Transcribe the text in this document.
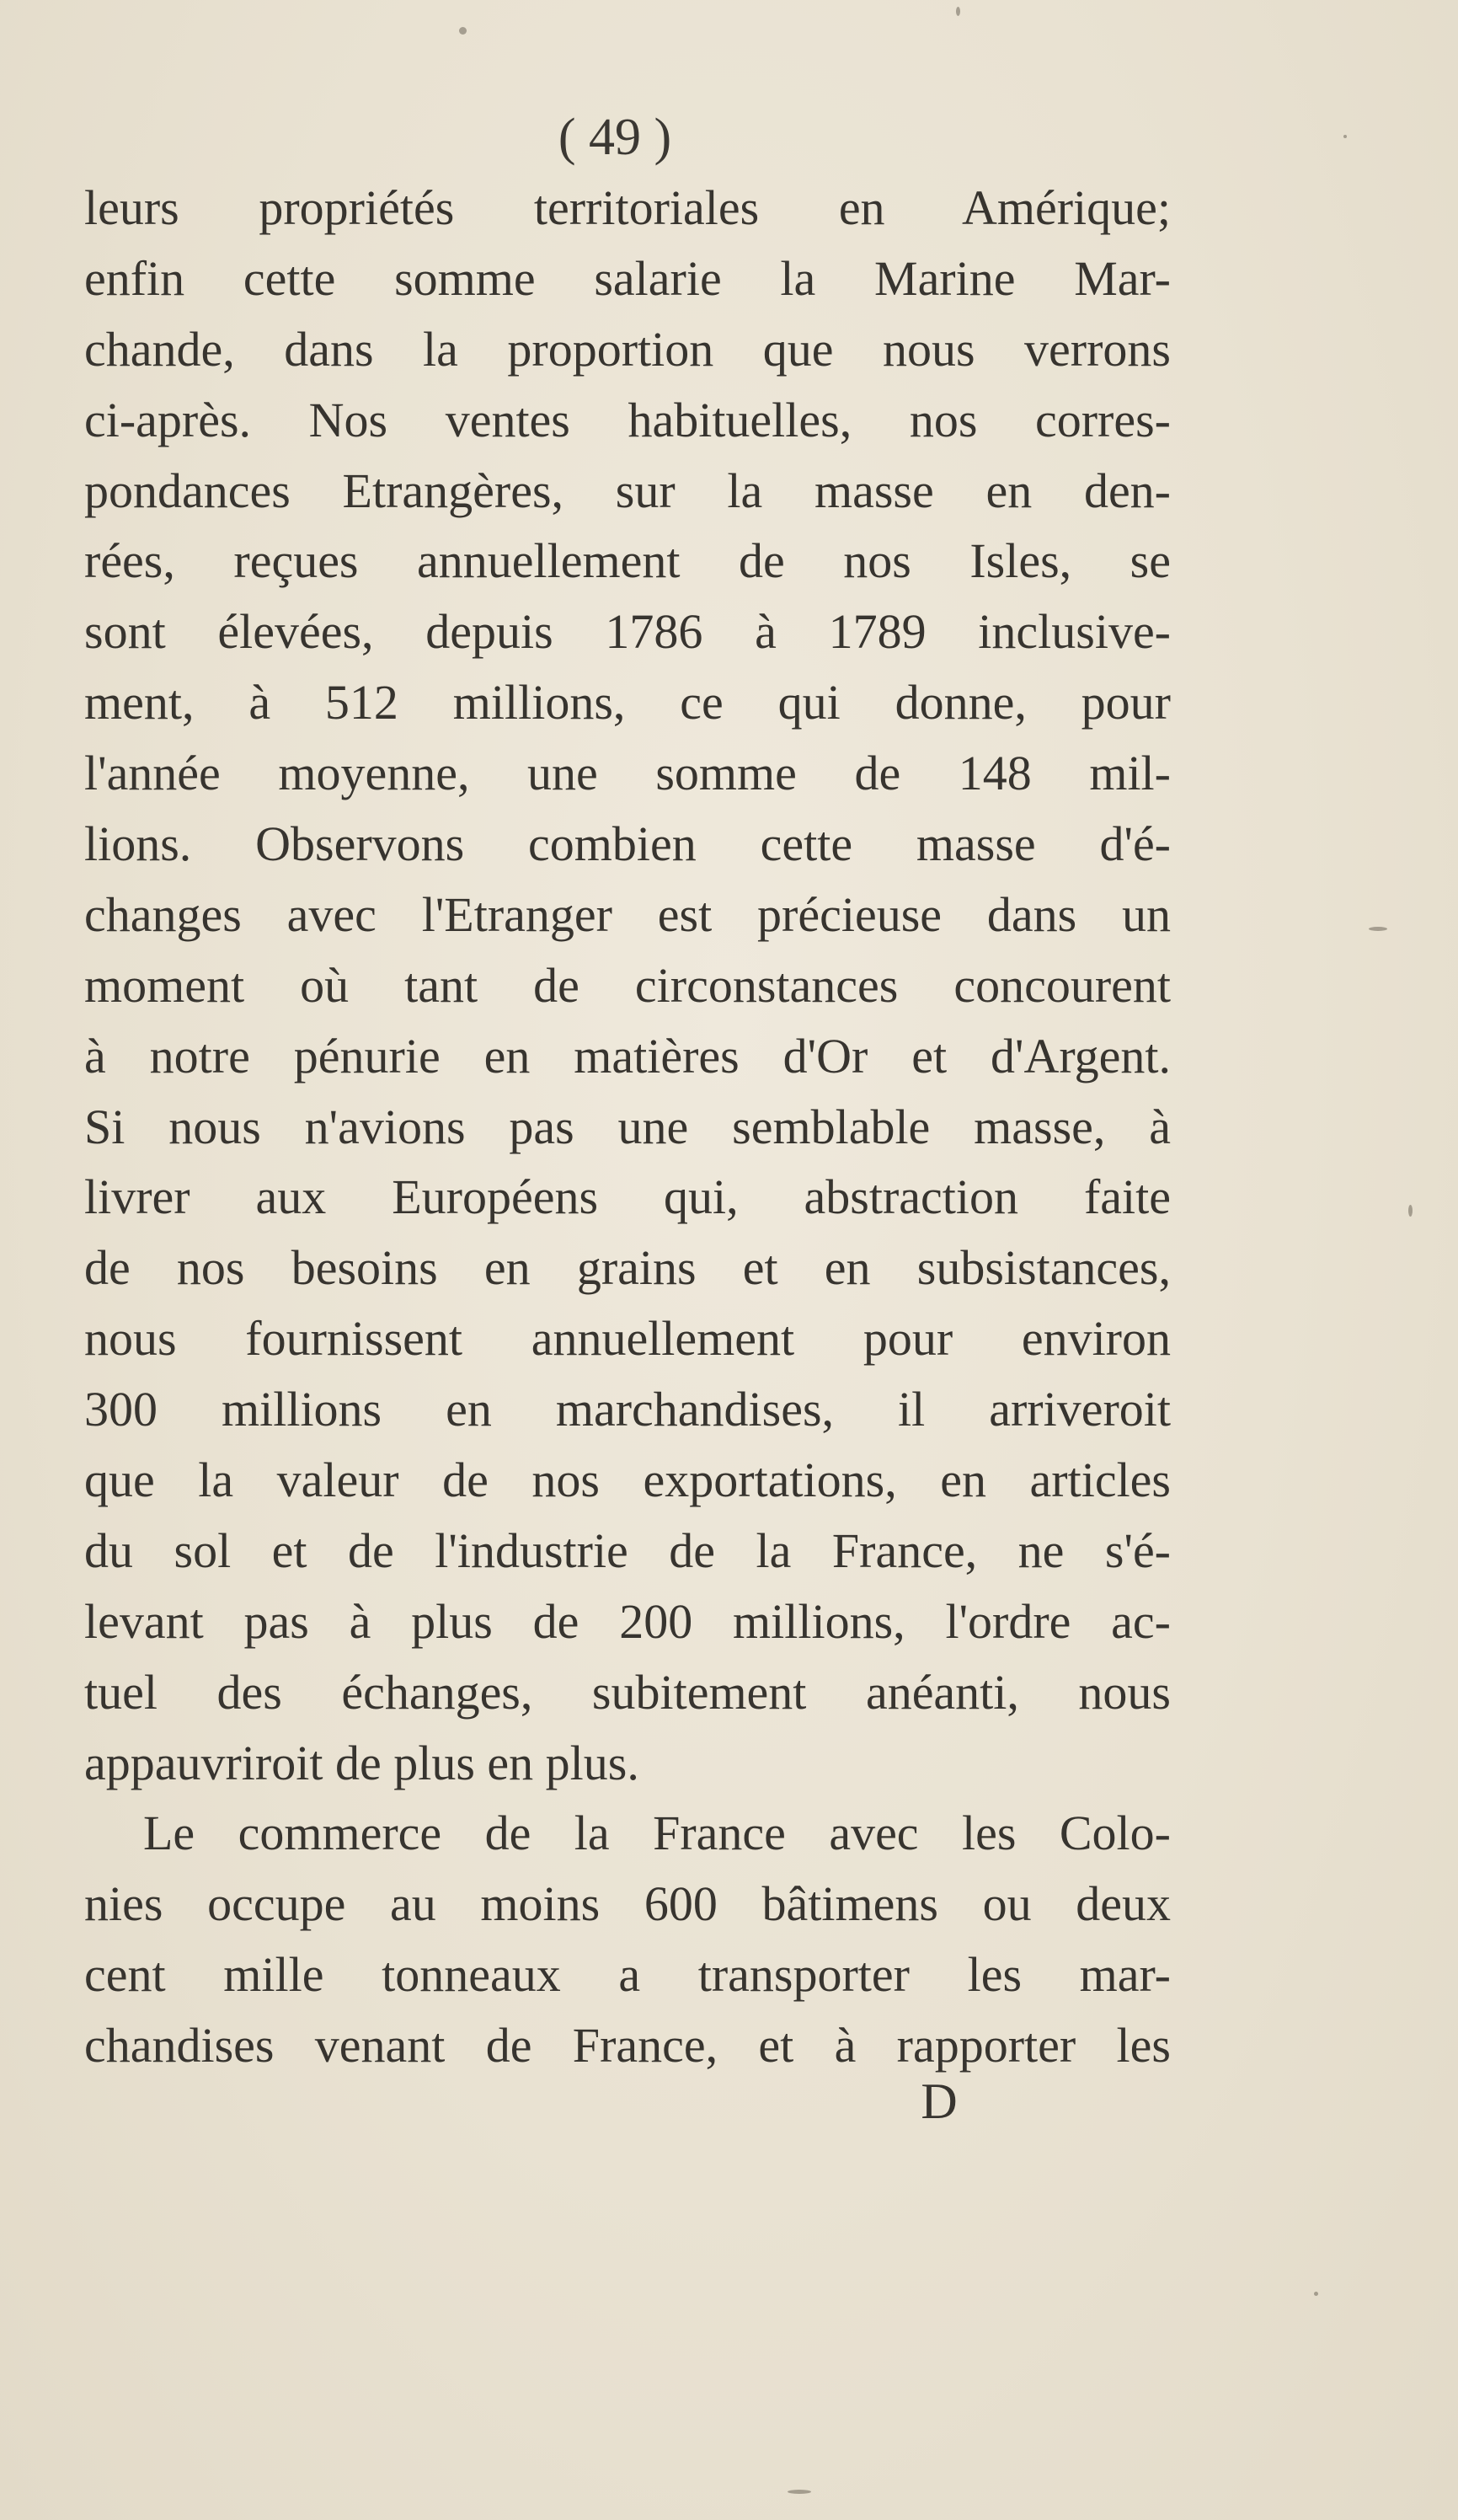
( 49 )
leurs propriétés territoriales en Amérique;
enfin cette somme salarie la Marine Mar-
chande, dans la proportion que nous verrons
ci-après. Nos ventes habituelles, nos corres-
pondances Etrangères, sur la masse en den-
rées, reçues annuellement de nos Isles, se
sont élevées, depuis 1786 à 1789 inclusive-
ment, à 512 millions, ce qui donne, pour
l'année moyenne, une somme de 148 mil-
lions. Observons combien cette masse d'é-
changes avec l'Etranger est précieuse dans un
moment où tant de circonstances concourent
à notre pénurie en matières d'Or et d'Argent.
Si nous n'avions pas une semblable masse, à
livrer aux Européens qui, abstraction faite
de nos besoins en grains et en subsistances,
nous fournissent annuellement pour environ
300 millions en marchandises, il arriveroit
que la valeur de nos exportations, en articles
du sol et de l'industrie de la France, ne s'é-
levant pas à plus de 200 millions, l'ordre ac-
tuel des échanges, subitement anéanti, nous
appauvriroit de plus en plus.
Le commerce de la France avec les Colo-
nies occupe au moins 600 bâtimens ou deux
cent mille tonneaux a transporter les mar-
chandises venant de France, et à rapporter les
D
